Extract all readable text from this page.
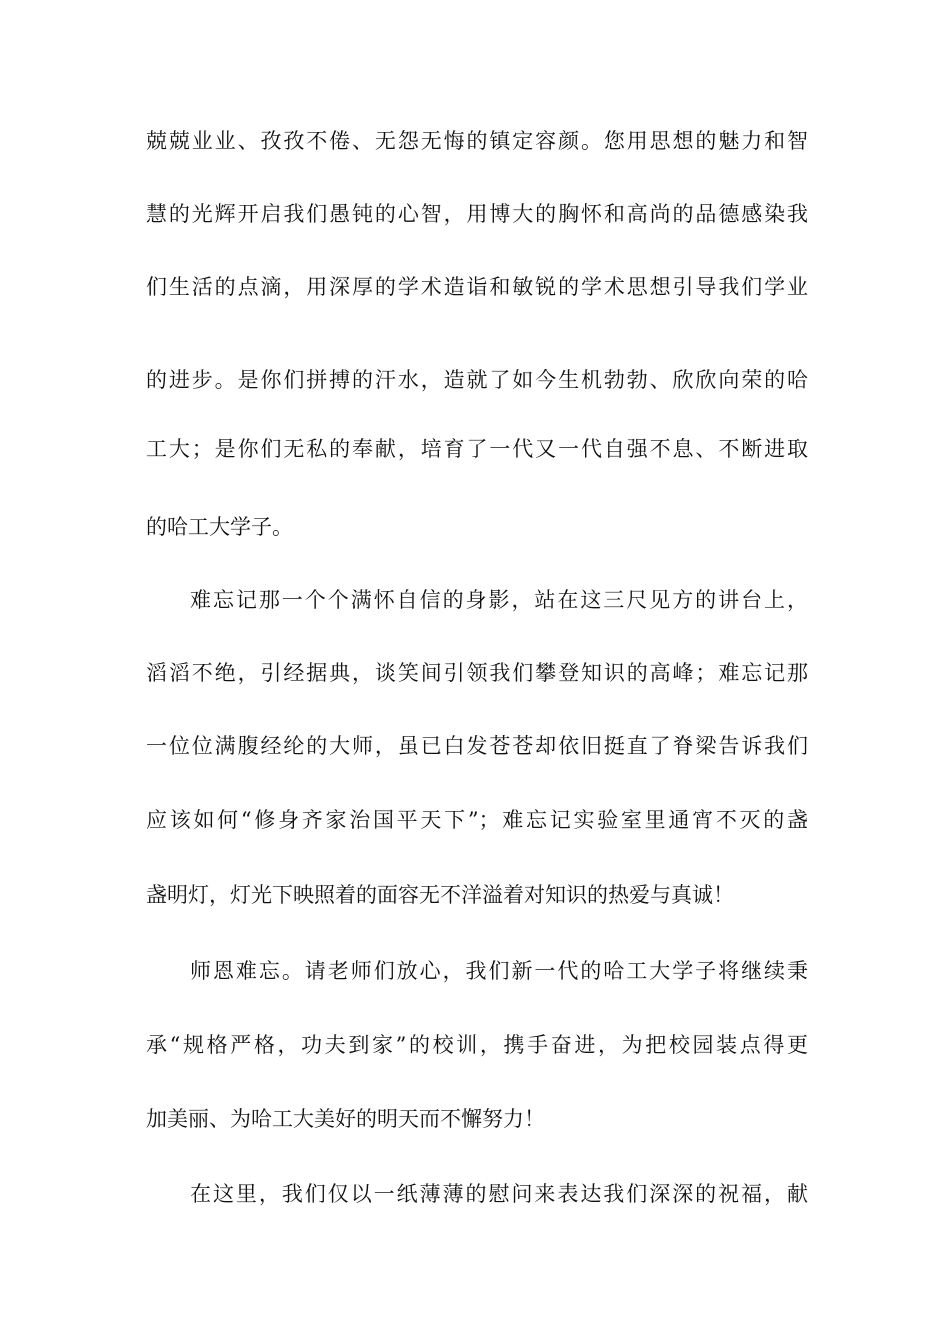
兢兢业业、孜孜不倦、无怨无悔的镇定容颜。您用思想的魅力和智
慧的光辉开启我们愚钝的心智，用博大的胸怀和高尚的品德感染我
们生活的点滴，用深厚的学术造诣和敏锐的学术思想引导我们学业
的进步。是你们拼搏的汗水，造就了如今生机勃勃、欣欣向荣的哈
工大；是你们无私的奉献，培育了一代又一代自强不息、不断进取
的哈工大学子。
难忘记那一个个满怀自信的身影，站在这三尺见方的讲台上，
滔滔不绝，引经据典，谈笑间引领我们攀登知识的高峰；难忘记那
一位位满腹经纶的大师，虽已白发苍苍却依旧挺直了脊梁告诉我们
应该如何“修身齐家治国平天下”；难忘记实验室里通宵不灭的盏
盏明灯，灯光下映照着的面容无不洋溢着对知识的热爱与真诚！
师恩难忘。请老师们放心，我们新一代的哈工大学子将继续秉
承“规格严格，功夫到家”的校训，携手奋进，为把校园装点得更
加美丽、为哈工大美好的明天而不懈努力！
在这里，我们仅以一纸薄薄的慰问来表达我们深深的祝福，献
